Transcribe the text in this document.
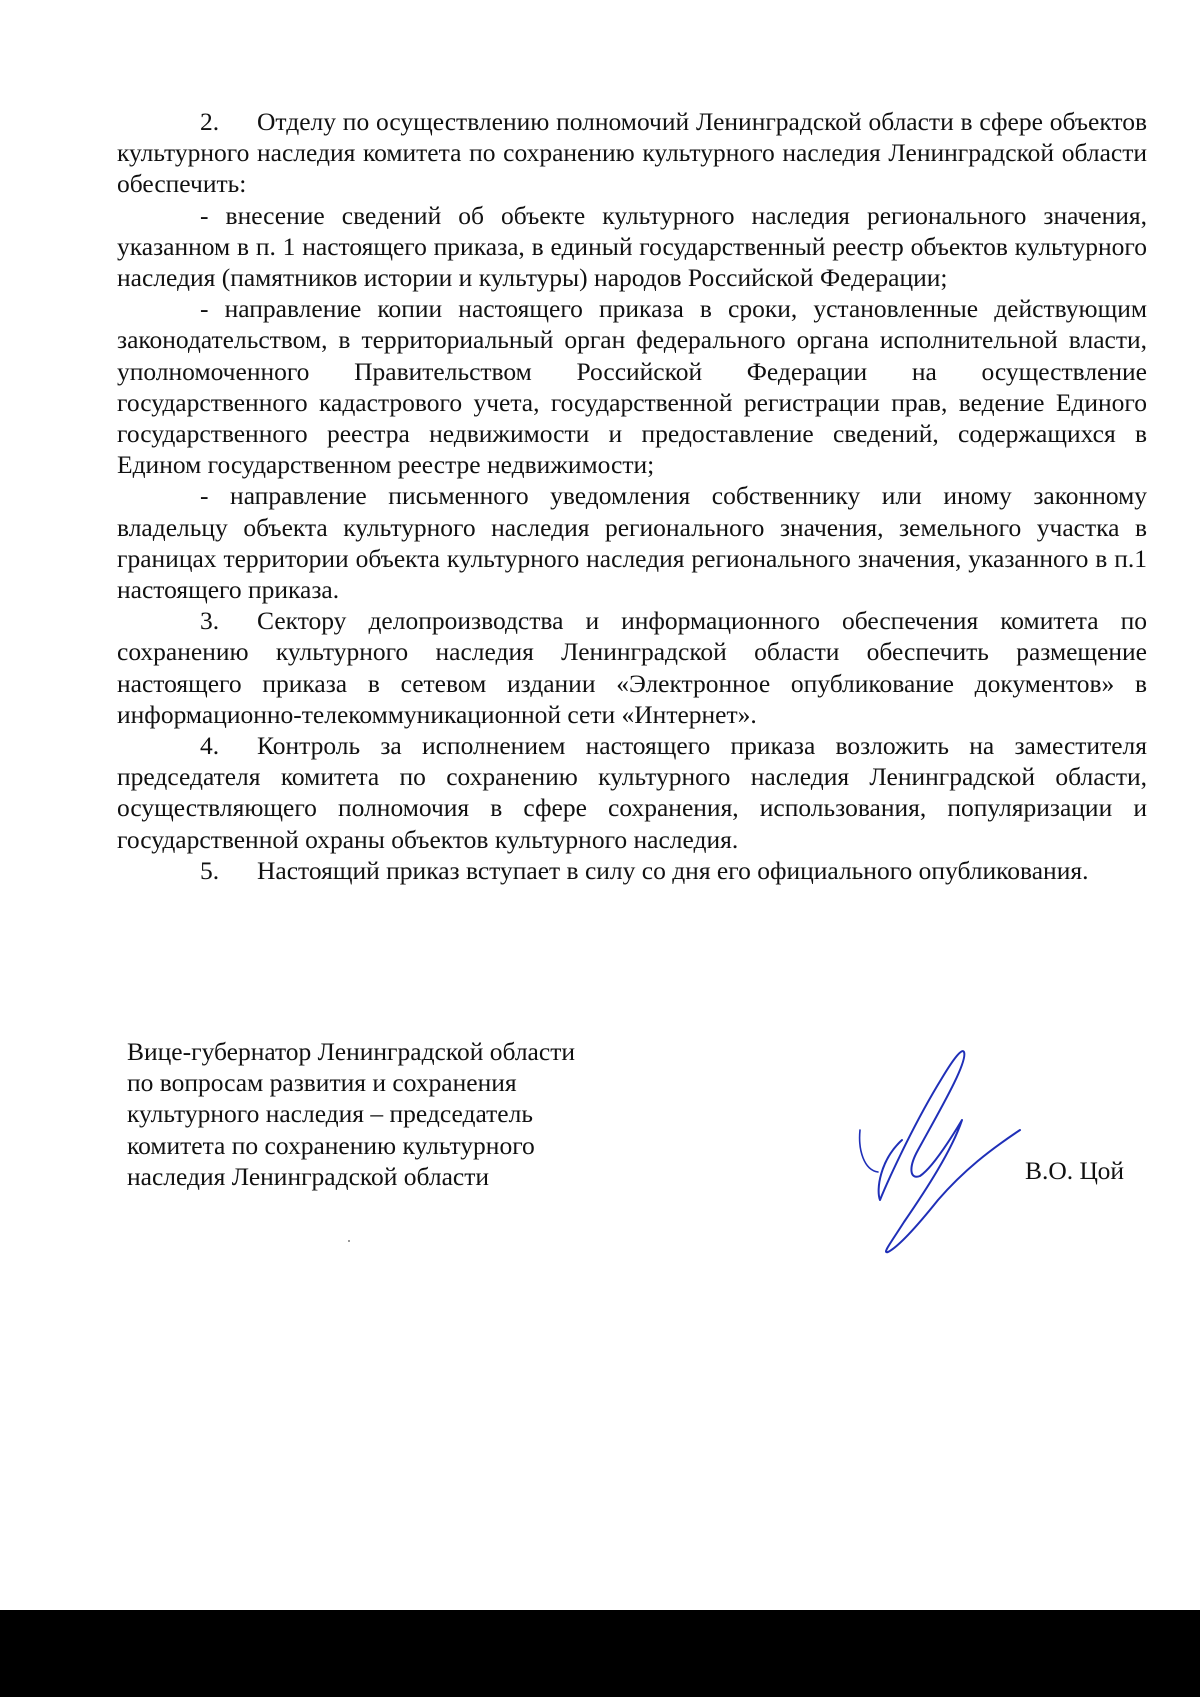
2. Отделу по осуществлению полномочий Ленинградской области в сфере объектов культурного наследия комитета по сохранению культурного наследия Ленинградской области обеспечить:

- внесение сведений об объекте культурного наследия регионального значения, указанном в п. 1 настоящего приказа, в единый государственный реестр объектов культурного наследия (памятников истории и культуры) народов Российской Федерации;

- направление копии настоящего приказа в сроки, установленные действующим законодательством, в территориальный орган федерального органа исполнительной власти, уполномоченного Правительством Российской Федерации на осуществление государственного кадастрового учета, государственной регистрации прав, ведение Единого государственного реестра недвижимости и предоставление сведений, содержащихся в Едином государственном реестре недвижимости;

- направление письменного уведомления собственнику или иному законному владельцу объекта культурного наследия регионального значения, земельного участка в границах территории объекта культурного наследия регионального значения, указанного в п.1 настоящего приказа.

3. Сектору делопроизводства и информационного обеспечения комитета по сохранению культурного наследия Ленинградской области обеспечить размещение настоящего приказа в сетевом издании «Электронное опубликование документов» в информационно-телекоммуникационной сети «Интернет».

4. Контроль за исполнением настоящего приказа возложить на заместителя председателя комитета по сохранению культурного наследия Ленинградской области, осуществляющего полномочия в сфере сохранения, использования, популяризации и государственной охраны объектов культурного наследия.

5. Настоящий приказ вступает в силу со дня его официального опубликования.

Вице-губернатор Ленинградской области
по вопросам развития и сохранения
культурного наследия – председатель
комитета по сохранению культурного
наследия Ленинградской области	В.О. Цой
